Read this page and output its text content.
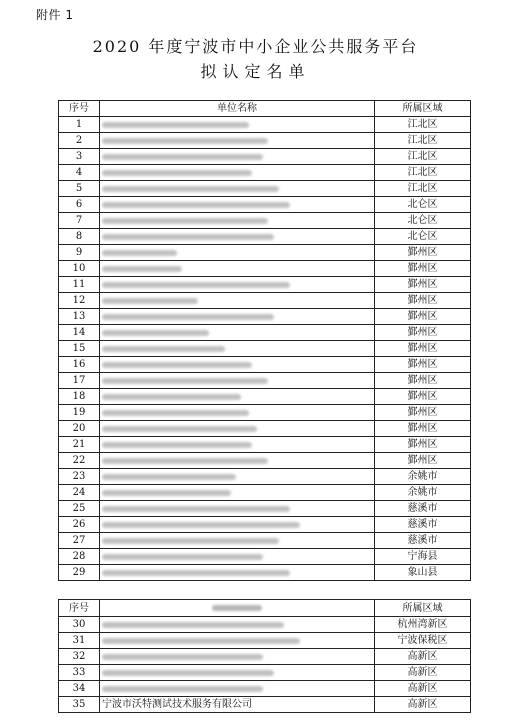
附件 1
2020 年度宁波市中小企业公共服务平台
拟认定名单
序号	单位名称	所属区域
1		江北区
2		江北区
3		江北区
4		江北区
5		江北区
6		北仑区
7		北仑区
8		北仑区
9		鄞州区
10		鄞州区
11		鄞州区
12		鄞州区
13		鄞州区
14		鄞州区
15		鄞州区
16		鄞州区
17		鄞州区
18		鄞州区
19		鄞州区
20		鄞州区
21		鄞州区
22		鄞州区
23		余姚市
24		余姚市
25		慈溪市
26		慈溪市
27		慈溪市
28		宁海县
29		象山县
序号		所属区域
30		杭州湾新区
31		宁波保税区
32		高新区
33		高新区
34		高新区
35	宁波市沃特测试技术服务有限公司	高新区
